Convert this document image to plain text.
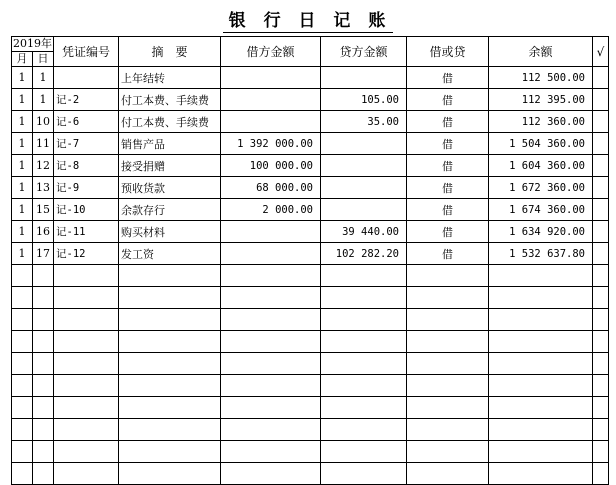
银 行 日 记 账
2019年		凭证编号	摘　要	借方金额	贷方金额	借或贷	余额	√
月	日							
1	1		上年结转			借	112 500.00	
1	1	记-2	付工本费、手续费		105.00	借	112 395.00	
1	10	记-6	付工本费、手续费		35.00	借	112 360.00	
1	11	记-7	销售产品	1 392 000.00		借	1 504 360.00	
1	12	记-8	接受捐赠	100 000.00		借	1 604 360.00	
1	13	记-9	预收货款	68 000.00		借	1 672 360.00	
1	15	记-10	余款存行	2 000.00		借	1 674 360.00	
1	16	记-11	购买材料		39 440.00	借	1 634 920.00	
1	17	记-12	发工资		102 282.20	借	1 532 637.80	
